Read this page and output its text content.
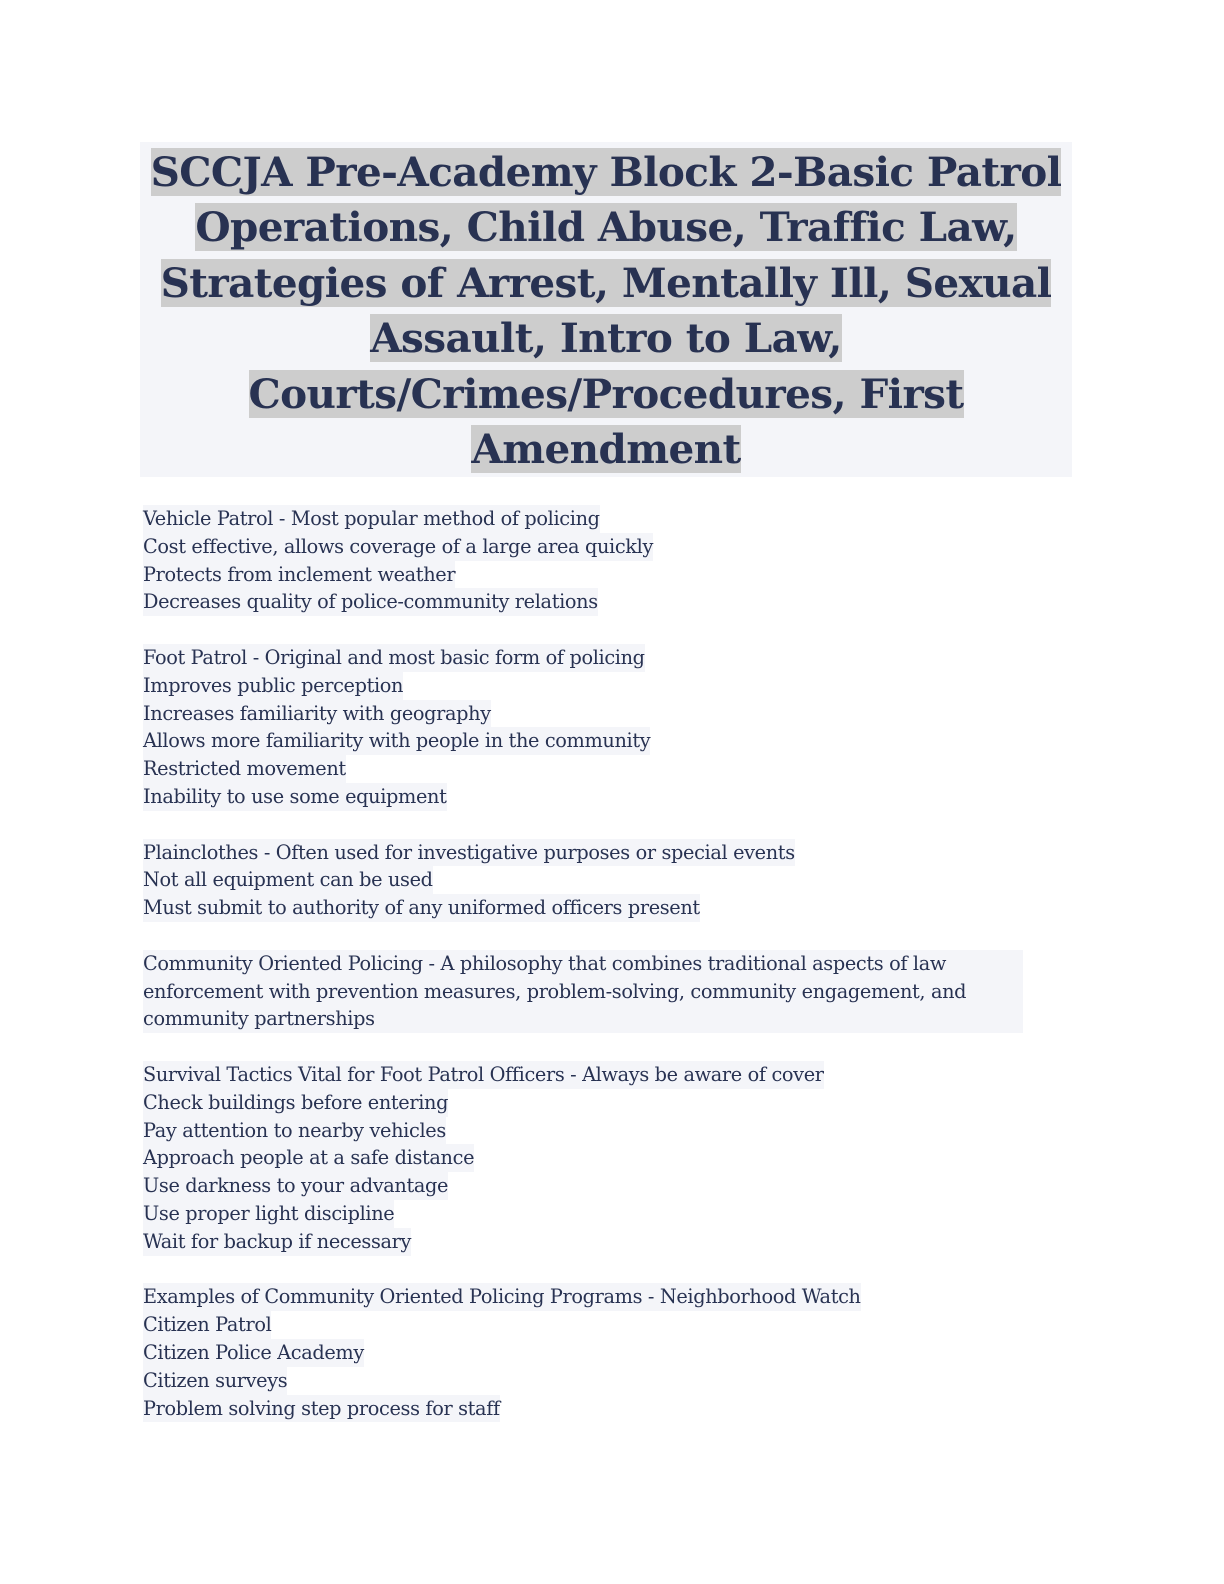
SCCJA Pre-Academy Block 2-Basic Patrol
Operations, Child Abuse, Traffic Law,
Strategies of Arrest, Mentally Ill, Sexual
Assault, Intro to Law,
Courts/Crimes/Procedures, First
Amendment
Vehicle Patrol - Most popular method of policing
Cost effective, allows coverage of a large area quickly
Protects from inclement weather
Decreases quality of police-community relations
Foot Patrol - Original and most basic form of policing
Improves public perception
Increases familiarity with geography
Allows more familiarity with people in the community
Restricted movement
Inability to use some equipment
Plainclothes - Often used for investigative purposes or special events
Not all equipment can be used
Must submit to authority of any uniformed officers present
Community Oriented Policing - A philosophy that combines traditional aspects of law enforcement with prevention measures, problem-solving, community engagement, and community partnerships
Survival Tactics Vital for Foot Patrol Officers - Always be aware of cover
Check buildings before entering
Pay attention to nearby vehicles
Approach people at a safe distance
Use darkness to your advantage
Use proper light discipline
Wait for backup if necessary
Examples of Community Oriented Policing Programs - Neighborhood Watch
Citizen Patrol
Citizen Police Academy
Citizen surveys
Problem solving step process for staff
